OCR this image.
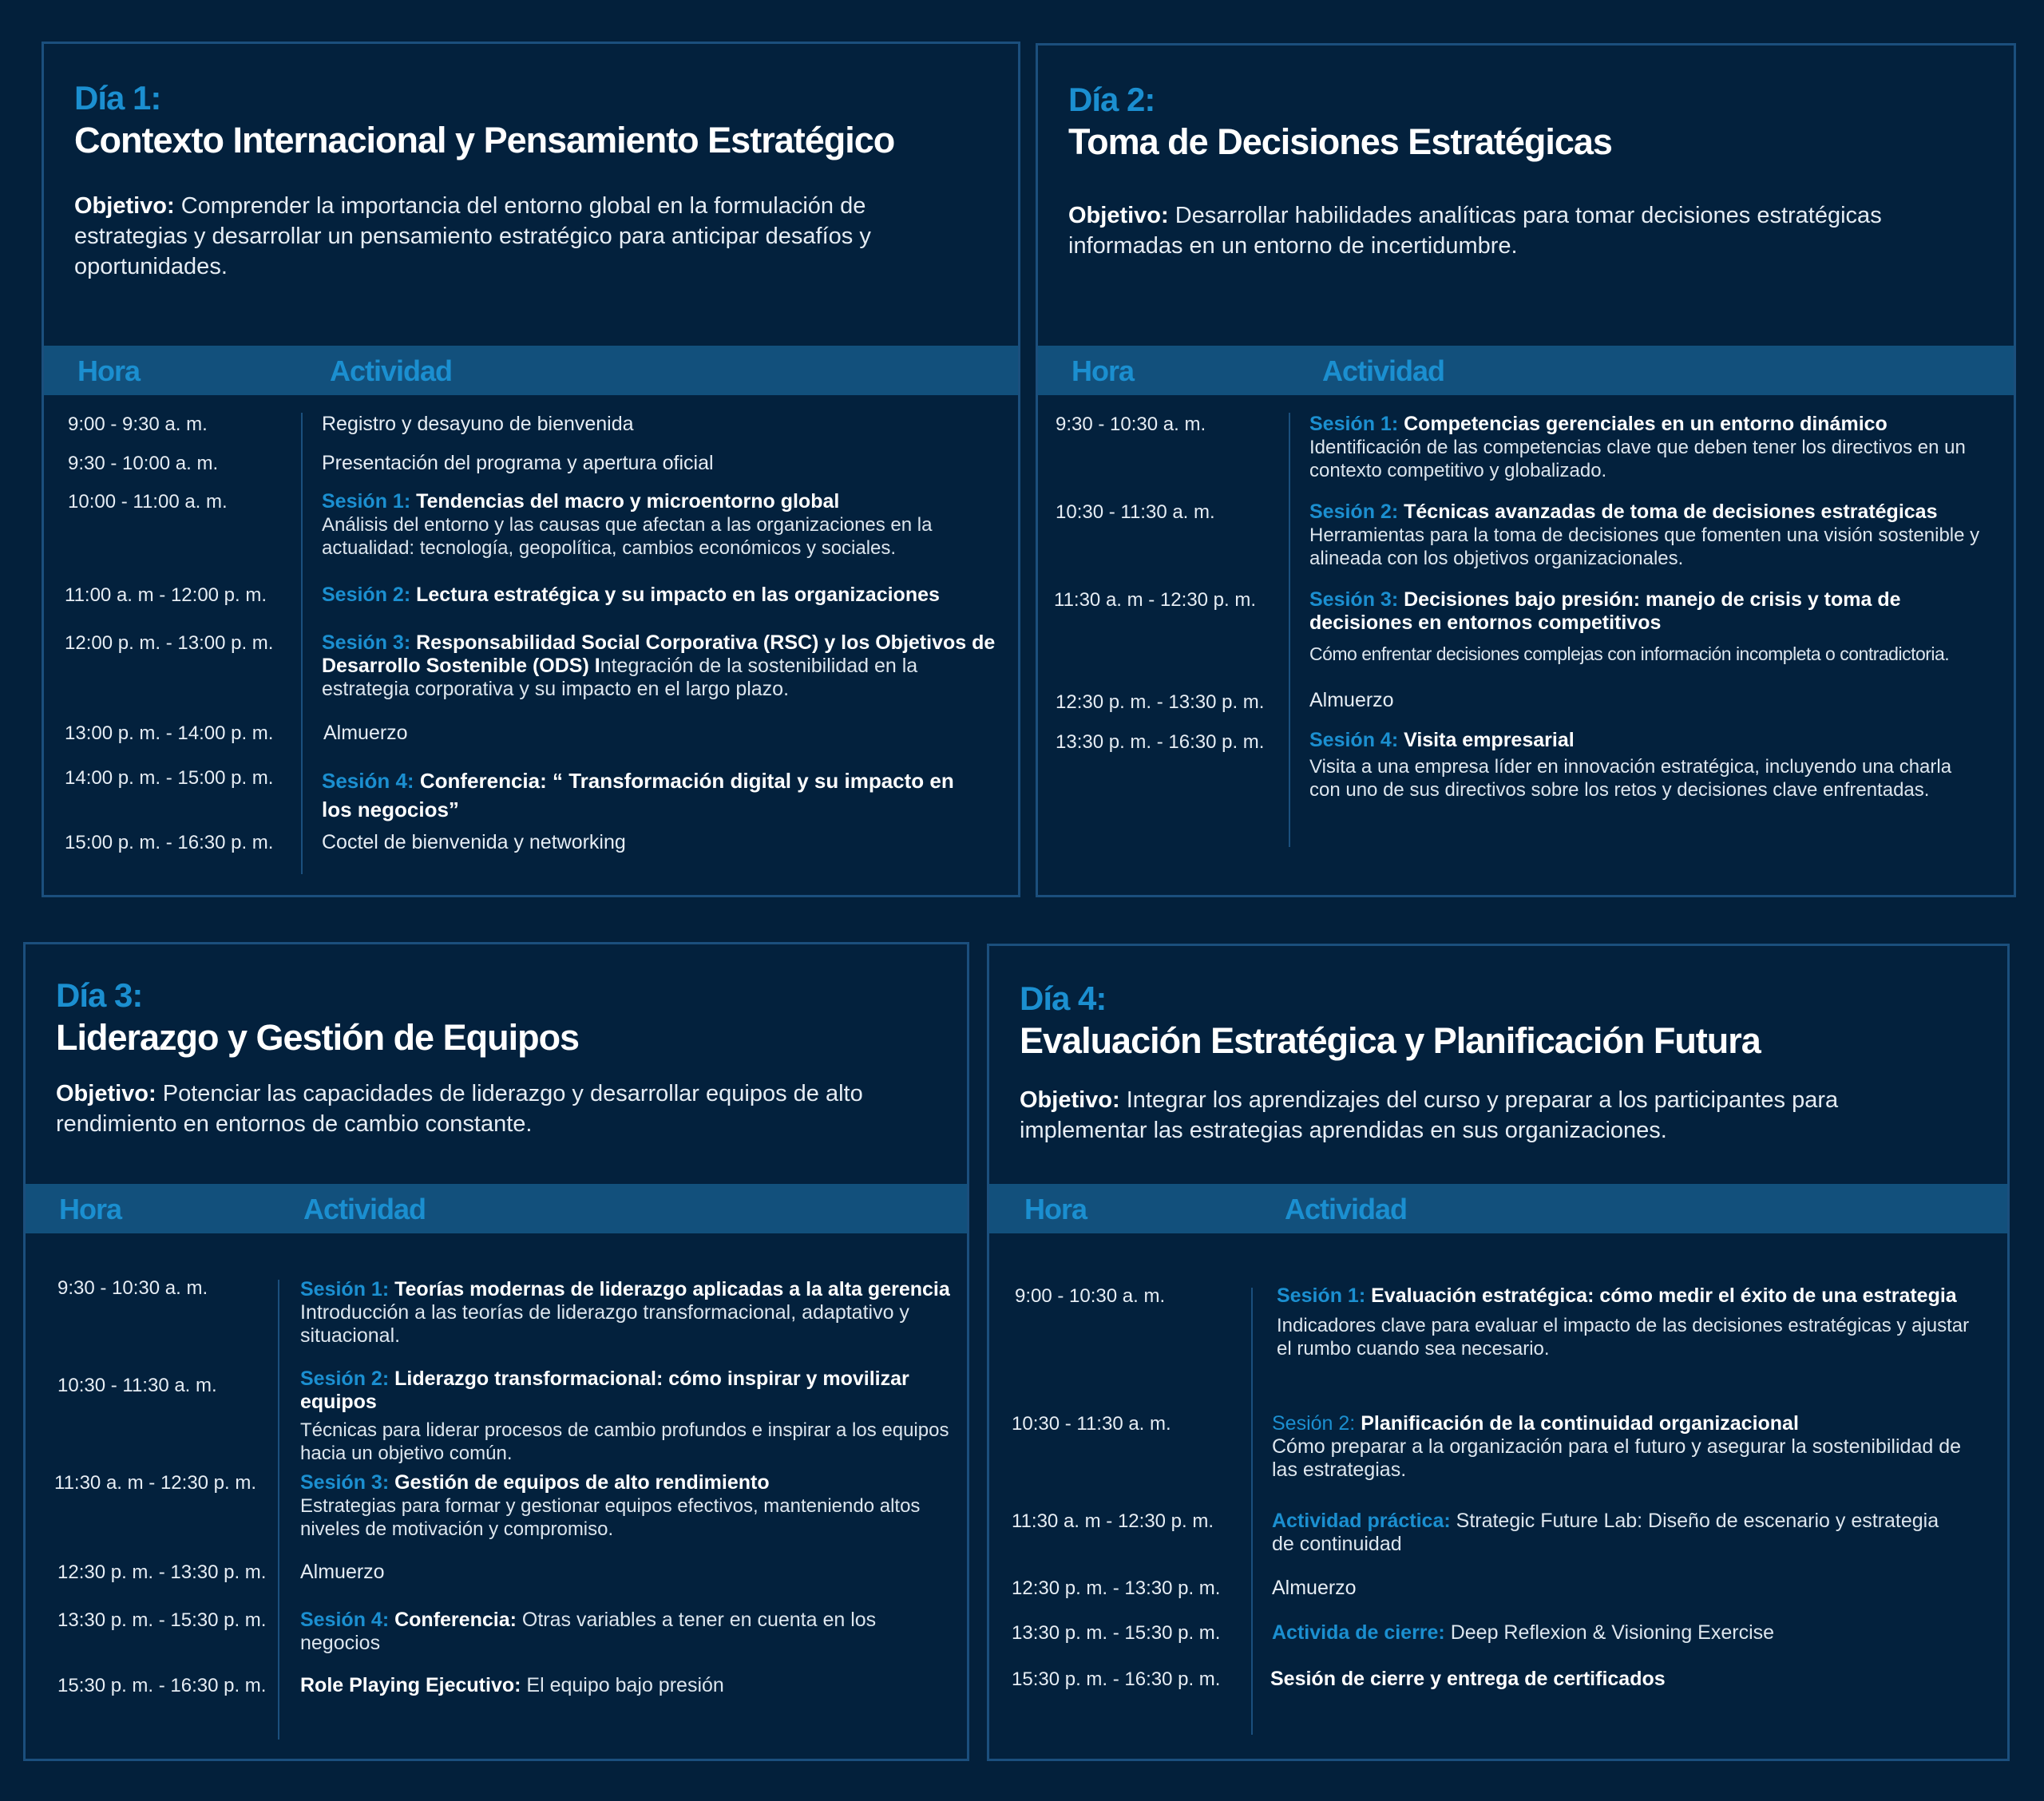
Día 1:
Contexto Internacional y Pensamiento Estratégico
Objetivo: Comprender la importancia del entorno global en la formulación de estrategias y desarrollar un pensamiento estratégico para anticipar desafíos y oportunidades.
Hora	Actividad
9:00 - 9:30 a. m.	Registro y desayuno de bienvenida
9:30 - 10:00 a. m.	Presentación del programa y apertura oficial
10:00 - 11:00 a. m.	Sesión 1: Tendencias del macro y microentorno global
Análisis del entorno y las causas que afectan a las organizaciones en la actualidad: tecnología, geopolítica, cambios económicos y sociales.
11:00 a. m - 12:00 p. m.	Sesión 2: Lectura estratégica y su impacto en las organizaciones
12:00 p. m. - 13:00 p. m. Sesión 3: Responsabilidad Social Corporativa (RSC) y los Objetivos de Desarrollo Sostenible (ODS) Integración de la sostenibilidad en la estrategia corporativa y su impacto en el largo plazo.
13:00 p. m. - 14:00 p. m.	Almuerzo
14:00 p. m. - 15:00 p. m. Sesión 4: Conferencia: “ Transformación digital y su impacto en los negocios”
15:00 p. m. - 16:30 p. m. Coctel de bienvenida y networking
Día 2:
Toma de Decisiones Estratégicas
Objetivo: Desarrollar habilidades analíticas para tomar decisiones estratégicas informadas en un entorno de incertidumbre.
Hora	Actividad
9:30 - 10:30 a. m.	Sesión 1: Competencias gerenciales en un entorno dinámico
Identificación de las competencias clave que deben tener los directivos en un contexto competitivo y globalizado.
10:30 - 11:30 a. m.	Sesión 2: Técnicas avanzadas de toma de decisiones estratégicas
Herramientas para la toma de decisiones que fomenten una visión sostenible y alineada con los objetivos organizacionales.
11:30 a. m - 12:30 p. m.	Sesión 3: Decisiones bajo presión: manejo de crisis y toma de decisiones en entornos competitivos

Cómo enfrentar decisiones complejas con información incompleta o contradictoria.
12:30 p. m. - 13:30 p. m. Almuerzo
13:30 p. m. - 16:30 p. m. Sesión 4: Visita empresarial

Visita a una empresa líder en innovación estratégica, incluyendo una charla con uno de sus directivos sobre los retos y decisiones clave enfrentadas.
Día 3:
Liderazgo y Gestión de Equipos
Objetivo: Potenciar las capacidades de liderazgo y desarrollar equipos de alto rendimiento en entornos de cambio constante.
Hora	Actividad
9:30 - 10:30 a. m.	Sesión 1: Teorías modernas de liderazgo aplicadas a la alta gerencia
Introducción a las teorías de liderazgo transformacional, adaptativo y situacional.
10:30 - 11:30 a. m.	Sesión 2: Liderazgo transformacional: cómo inspirar y movilizar equipos

Técnicas para liderar procesos de cambio profundos e inspirar a los equipos hacia un objetivo común.
11:30 a. m - 12:30 p. m. Sesión 3: Gestión de equipos de alto rendimiento
Estrategias para formar y gestionar equipos efectivos, manteniendo altos niveles de motivación y compromiso.
12:30 p. m. - 13:30 p. m. Almuerzo
13:30 p. m. - 15:30 p. m. Sesión 4: Conferencia: Otras variables a tener en cuenta en los negocios
15:30 p. m. - 16:30 p. m. Role Playing Ejecutivo: El equipo bajo presión
Día 4:
Evaluación Estratégica y Planificación Futura
Objetivo: Integrar los aprendizajes del curso y preparar a los participantes para implementar las estrategias aprendidas en sus organizaciones.
Hora	Actividad
9:00 - 10:30 a. m.	Sesión 1: Evaluación estratégica: cómo medir el éxito de una estrategia

Indicadores clave para evaluar el impacto de las decisiones estratégicas y ajustar el rumbo cuando sea necesario.
10:30 - 11:30 a. m.	Sesión 2: Planificación de la continuidad organizacional
Cómo preparar a la organización para el futuro y asegurar la sostenibilidad de las estrategias.
11:30 a. m - 12:30 p. m.	Actividad práctica: Strategic Future Lab: Diseño de escenario y estrategia de continuidad
12:30 p. m. - 13:30 p. m.	Almuerzo
13:30 p. m. - 15:30 p. m.	Activida de cierre: Deep Reflexion & Visioning Exercise
15:30 p. m. - 16:30 p. m.	Sesión de cierre y entrega de certificados
